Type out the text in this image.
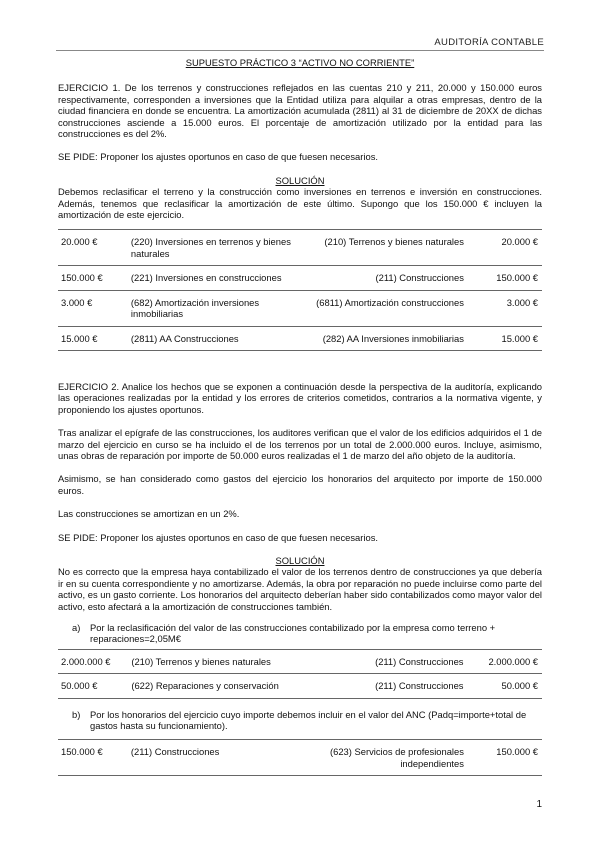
AUDITORÍA CONTABLE
SUPUESTO PRÁCTICO 3 “ACTIVO NO CORRIENTE”

EJERCICIO 1. De los terrenos y construcciones reflejados en las cuentas 210 y 211, 20.000 y 150.000 euros respectivamente, corresponden a inversiones que la Entidad utiliza para alquilar a otras empresas, dentro de la ciudad financiera en donde se encuentra. La amortización acumulada (2811) al 31 de diciembre de 20XX de dichas construcciones asciende a 15.000 euros. El porcentaje de amortización utilizado por la entidad para las construcciones es del 2%.

SE PIDE: Proponer los ajustes oportunos en caso de que fuesen necesarios.

SOLUCIÓN

Debemos reclasificar el terreno y la construcción como inversiones en terrenos e inversión en construcciones. Además, tenemos que reclasificar la amortización de este último. Supongo que los 150.000 € incluyen la amortización de este ejercicio.

20.000 €	(220) Inversiones en terrenos y bienes naturales	(210) Terrenos y bienes naturales	20.000 €
150.000 €	(221) Inversiones en construcciones	(211) Construcciones	150.000 €
3.000 €	(682) Amortización inversiones inmobiliarias	(6811) Amortización construcciones	3.000 €
15.000 €	(2811) AA Construcciones	(282) AA Inversiones inmobiliarias	15.000 €

EJERCICIO 2. Analice los hechos que se exponen a continuación desde la perspectiva de la auditoría, explicando las operaciones realizadas por la entidad y los errores de criterios cometidos, contrarios a la normativa vigente, y proponiendo los ajustes oportunos.

Tras analizar el epígrafe de las construcciones, los auditores verifican que el valor de los edificios adquiridos el 1 de marzo del ejercicio en curso se ha incluido el de los terrenos por un total de 2.000.000 euros. Incluye, asimismo, unas obras de reparación por importe de 50.000 euros realizadas el 1 de marzo del año objeto de la auditoría.

Asimismo, se han considerado como gastos del ejercicio los honorarios del arquitecto por importe de 150.000 euros.

Las construcciones se amortizan en un 2%.

SE PIDE: Proponer los ajustes oportunos en caso de que fuesen necesarios.

SOLUCIÓN

No es correcto que la empresa haya contabilizado el valor de los terrenos dentro de construcciones ya que debería ir en su cuenta correspondiente y no amortizarse. Además, la obra por reparación no puede incluirse como parte del activo, es un gasto corriente. Los honorarios del arquitecto deberían haber sido contabilizados como mayor valor del activo, esto afectará a la amortización de construcciones también.

a)	Por la reclasificación del valor de las construcciones contabilizado por la empresa como terreno + reparaciones=2,05M€
2.000.000 €	(210) Terrenos y bienes naturales	(211) Construcciones	2.000.000 €
50.000 €	(622) Reparaciones y conservación	(211) Construcciones	50.000 €
b)	Por los honorarios del ejercicio cuyo importe debemos incluir en el valor del ANC (Padq=importe+total de gastos hasta su funcionamiento).
150.000 €	(211) Construcciones	(623) Servicios de profesionales independientes	150.000 €
1
